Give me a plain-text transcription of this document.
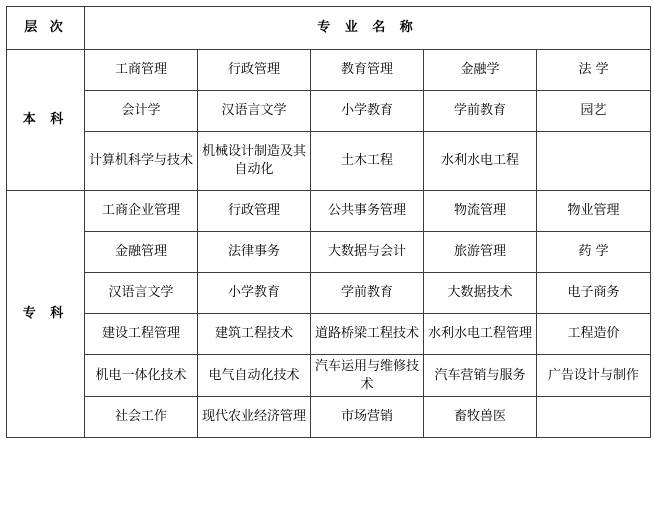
层 次	专 业 名 称				
本 科	工商管理	行政管理	教育管理	金融学	法 学
	会计学	汉语言文学	小学教育	学前教育	园艺
	计算机科学与技术	机械设计制造及其自动化	土木工程	水利水电工程	
专 科	工商企业管理	行政管理	公共事务管理	物流管理	物业管理
	金融管理	法律事务	大数据与会计	旅游管理	药 学
	汉语言文学	小学教育	学前教育	大数据技术	电子商务
	建设工程管理	建筑工程技术	道路桥梁工程技术	水利水电工程管理	工程造价
	机电一体化技术	电气自动化技术	汽车运用与维修技术	汽车营销与服务	广告设计与制作
	社会工作	现代农业经济管理	市场营销	畜牧兽医	
